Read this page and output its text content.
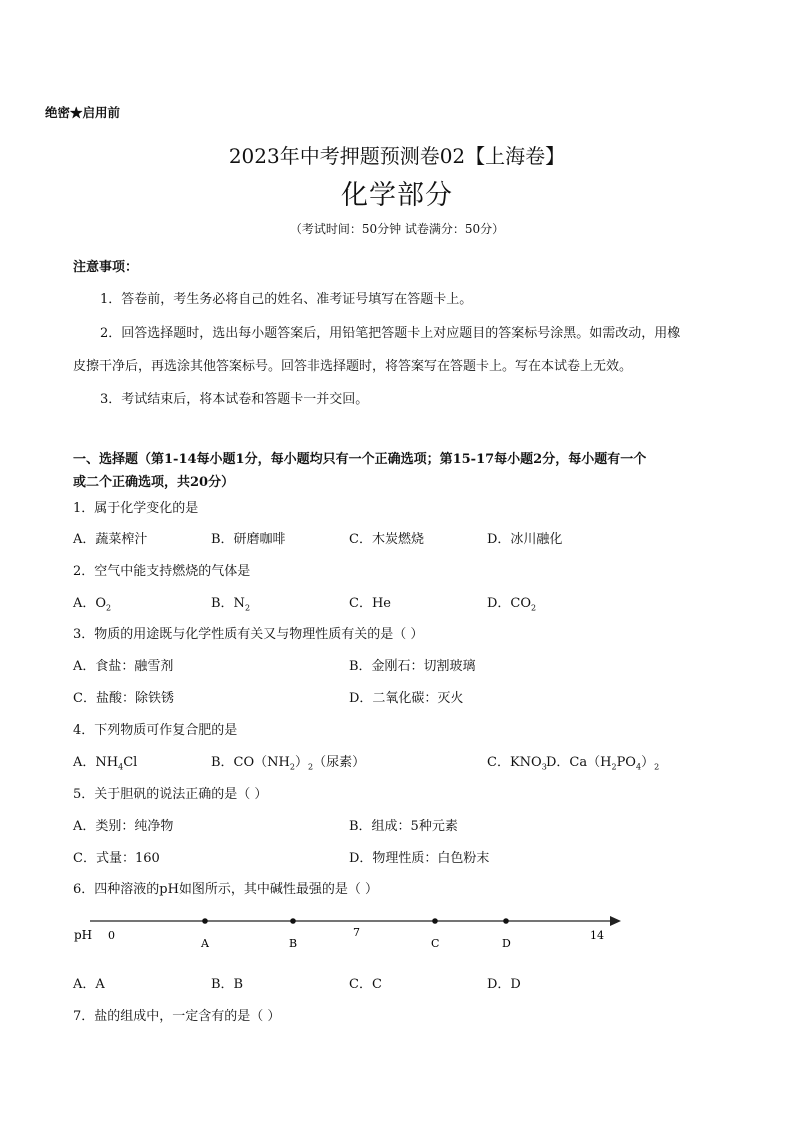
绝密★启用前
2023年中考押题预测卷02【上海卷】
化学部分
（考试时间：50分钟 试卷满分：50分）
注意事项：
1．答卷前，考生务必将自己的姓名、准考证号填写在答题卡上。
2．回答选择题时，选出每小题答案后，用铅笔把答题卡上对应题目的答案标号涂黑。如需改动，用橡
皮擦干净后，再选涂其他答案标号。回答非选择题时，将答案写在答题卡上。写在本试卷上无效。
3．考试结束后，将本试卷和答题卡一并交回。
一、选择题（第1-14每小题1分，每小题均只有一个正确选项；第15-17每小题2分，每小题有一个
或二个正确选项，共20分）
1．属于化学变化的是
A．蔬菜榨汁	B．研磨咖啡	C．木炭燃烧	D．冰川融化
2．空气中能支持燃烧的气体是
A．$O_2$	B．$N_2$	C．He	D．$CO_2$
3．物质的用途既与化学性质有关又与物理性质有关的是（ ）
A．食盐：融雪剂	B．金刚石：切割玻璃
C．盐酸：除铁锈	D．二氧化碳：灭火
4．下列物质可作复合肥的是
A．$NH_4Cl$	B．$CO(NH_2)_2$（尿素）	C．$KNO_3$ D．$Ca(H_2PO_4)_2$
5．关于胆矾的说法正确的是（ ）
A．类别：纯净物	B．组成：5种元素
C．式量：160	D．物理性质：白色粉末
6．四种溶液的pH如图所示，其中碱性最强的是（ ）
pH 0	7	14
A	B	C	D
A．A	B．B	C．C	D．D
7．盐的组成中，一定含有的是（ ）
